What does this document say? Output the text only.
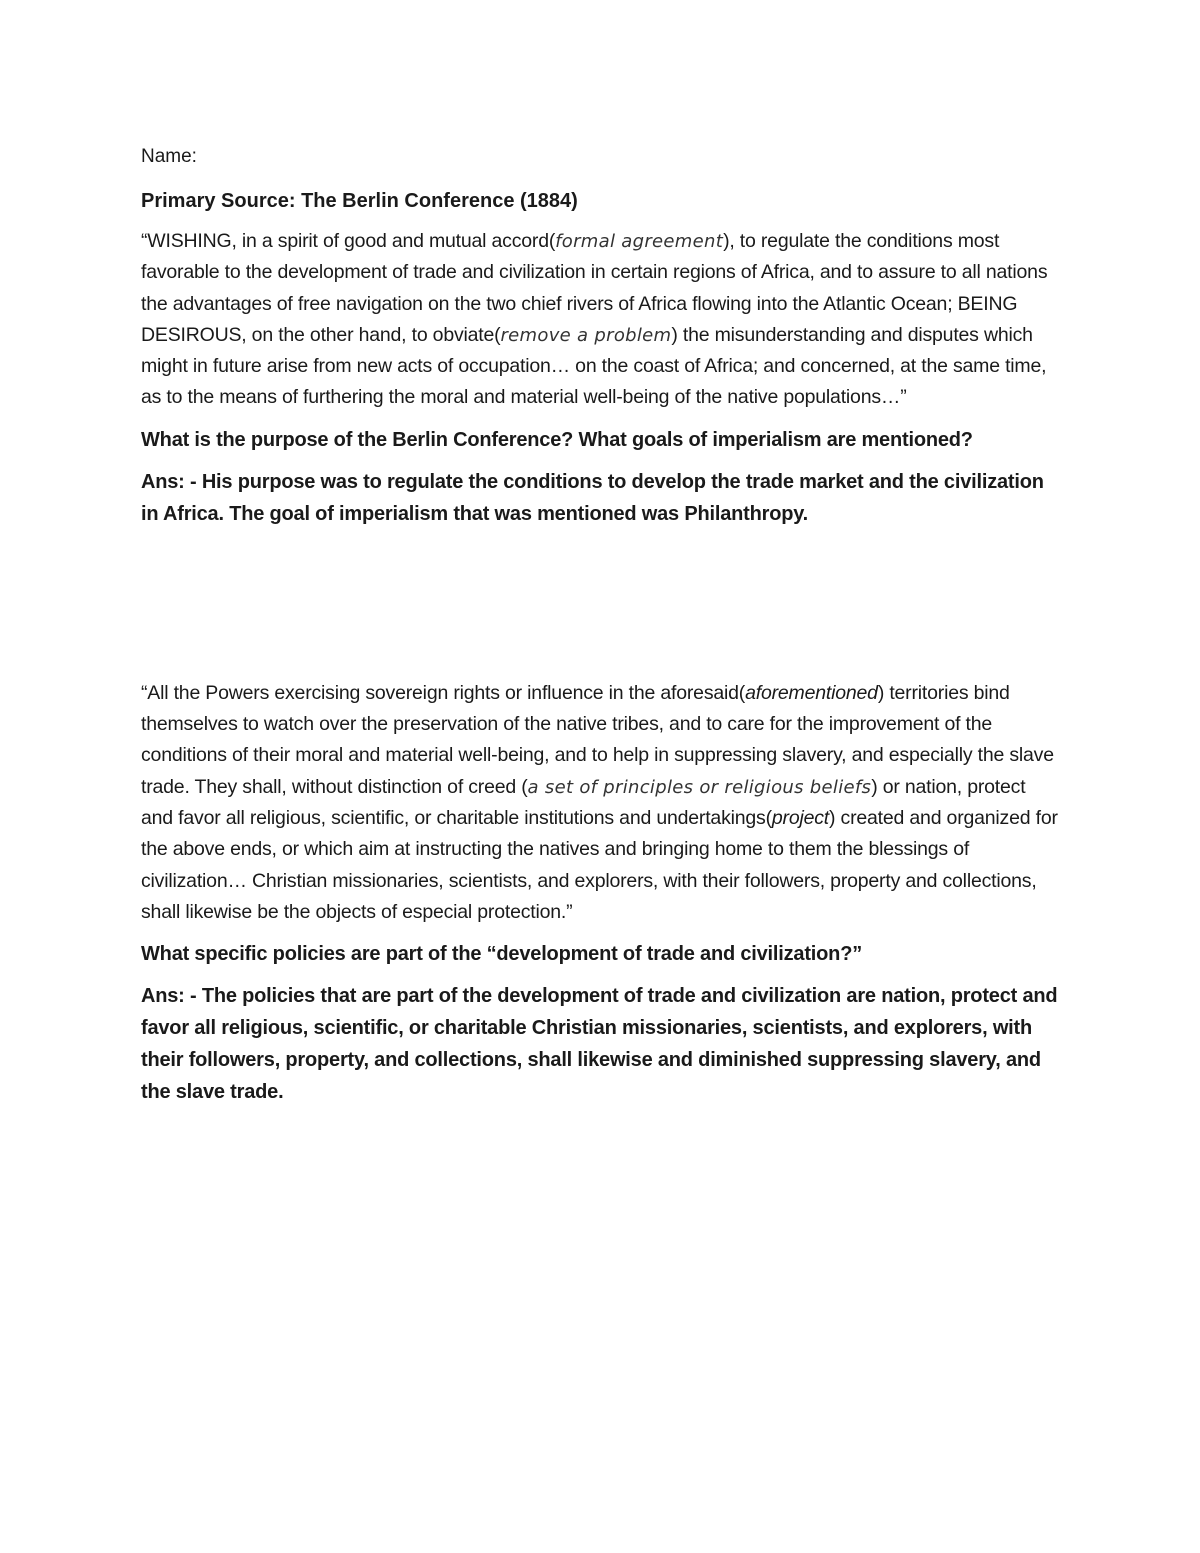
Name:

Primary Source: The Berlin Conference (1884)

“WISHING, in a spirit of good and mutual accord(formal agreement), to regulate the conditions most favorable to the development of trade and civilization in certain regions of Africa, and to assure to all nations the advantages of free navigation on the two chief rivers of Africa flowing into the Atlantic Ocean; BEING DESIROUS, on the other hand, to obviate(remove a problem) the misunderstanding and disputes which might in future arise from new acts of occupation… on the coast of Africa; and concerned, at the same time, as to the means of furthering the moral and material well-being of the native populations…”

What is the purpose of the Berlin Conference? What goals of imperialism are mentioned?

Ans: - His purpose was to regulate the conditions to develop the trade market and the civilization in Africa. The goal of imperialism that was mentioned was Philanthropy.

“All the Powers exercising sovereign rights or influence in the aforesaid(aforementioned) territories bind themselves to watch over the preservation of the native tribes, and to care for the improvement of the conditions of their moral and material well-being, and to help in suppressing slavery, and especially the slave trade. They shall, without distinction of creed (a set of principles or religious beliefs) or nation, protect and favor all religious, scientific, or charitable institutions and undertakings(project) created and organized for the above ends, or which aim at instructing the natives and bringing home to them the blessings of civilization… Christian missionaries, scientists, and explorers, with their followers, property and collections, shall likewise be the objects of especial protection.”

What specific policies are part of the “development of trade and civilization?”

Ans: - The policies that are part of the development of trade and civilization are nation, protect and favor all religious, scientific, or charitable Christian missionaries, scientists, and explorers, with their followers, property, and collections, shall likewise and diminished suppressing slavery, and the slave trade.
